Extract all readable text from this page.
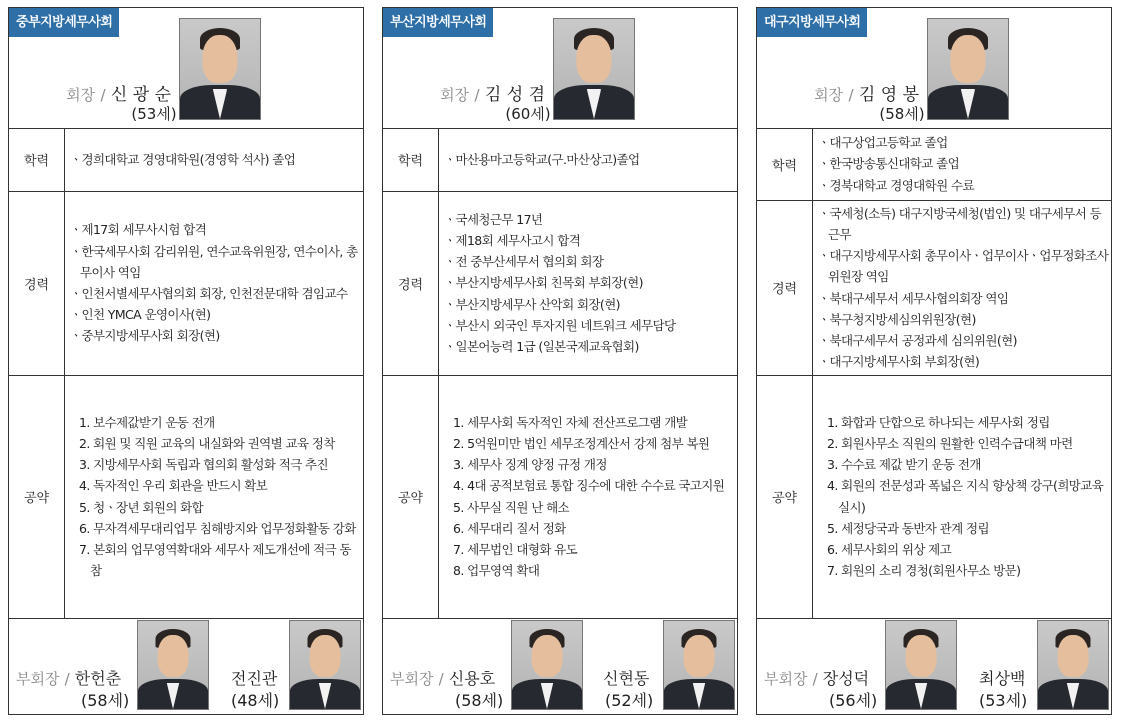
중부지방세무사회
회장 / 신 광 순
(53세)
학력	ㆍ경희대학교 경영대학원(경영학 석사) 졸업
경력
ㆍ제17회 세무사시험 합격
ㆍ한국세무사회 감리위원, 연수교육위원장, 연수이사, 총무이사 역임
ㆍ인천서별세무사협의회 회장, 인천전문대학 겸임교수
ㆍ인천 YMCA 운영이사(현)
ㆍ중부지방세무사회 회장(현)
공약
1. 보수제값받기 운동 전개
2. 회원 및 직원 교육의 내실화와 권역별 교육 정착
3. 지방세무사회 독립과 협의회 활성화 적극 추진
4. 독자적인 우리 회관을 반드시 확보
5. 청ㆍ장년 회원의 화합
6. 무자격세무대리업무 침해방지와 업무정화활동 강화
7. 본회의 업무영역확대와 세무사 제도개선에 적극 동참
부회장 / 한헌춘
(58세)
전진관
(48세)
부산지방세무사회
회장 / 김 성 겸
(60세)
학력	ㆍ마산용마고등학교(구.마산상고)졸업
경력
ㆍ국세청근무 17년
ㆍ제18회 세무사고시 합격
ㆍ전 중부산세무서 협의회 회장
ㆍ부산지방세무사회 친목회 부회장(현)
ㆍ부산지방세무사 산악회 회장(현)
ㆍ부산시 외국인 투자지원 네트워크 세무담당
ㆍ일본어능력 1급 (일본국제교육협회)
공약
1. 세무사회 독자적인 자체 전산프로그램 개발
2. 5억원미만 법인 세무조정계산서 강제 첨부 복원
3. 세무사 징계 양정 규정 개정
4. 4대 공적보험료 통합 징수에 대한 수수료 국고지원
5. 사무실 직원 난 해소
6. 세무대리 질서 정화
7. 세무법인 대형화 유도
8. 업무영역 확대
부회장 / 신용호
(58세)
신현동
(52세)
대구지방세무사회
회장 / 김 영 봉
(58세)
학력
ㆍ대구상업고등학교 졸업
ㆍ한국방송통신대학교 졸업
ㆍ경북대학교 경영대학원 수료
경력
ㆍ국세청(소득) 대구지방국세청(법인) 및 대구세무서 등 근무
ㆍ대구지방세무사회 총무이사ㆍ업무이사ㆍ업무정화조사위원장 역임
ㆍ북대구세무서 세무사협의회장 역임
ㆍ북구청지방세심의위원장(현)
ㆍ북대구세무서 공정과세 심의위원(현)
ㆍ대구지방세무사회 부회장(현)
공약
1. 화합과 단합으로 하나되는 세무사회 정립
2. 회원사무소 직원의 원활한 인력수급대책 마련
3. 수수료 제값 받기 운동 전개
4. 회원의 전문성과 폭넓은 지식 향상책 강구(희망교육 실시)
5. 세정당국과 동반자 관계 정립
6. 세무사회의 위상 제고
7. 회원의 소리 경청(회원사무소 방문)
부회장 / 장성덕
(56세)
최상백
(53세)
